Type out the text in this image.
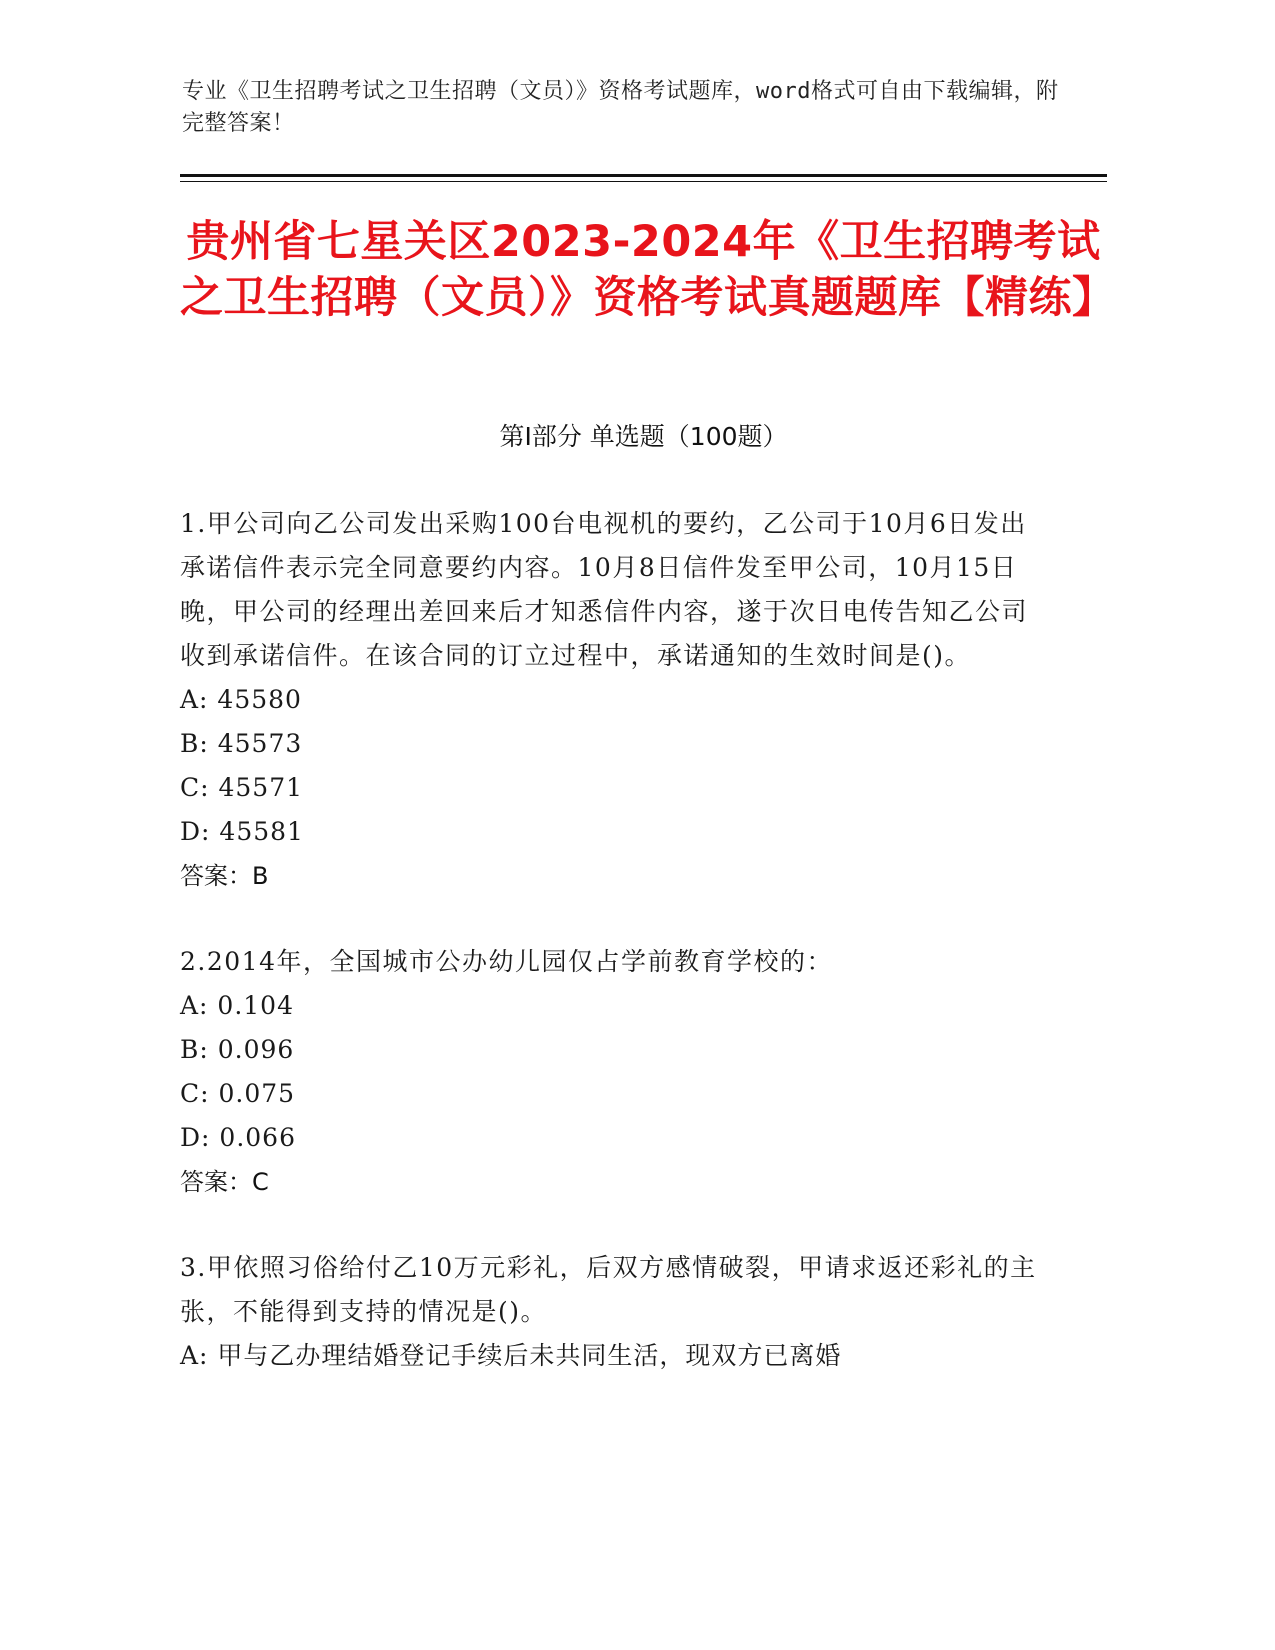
专业《卫生招聘考试之卫生招聘（文员）》资格考试题库，word格式可自由下载编辑，附完整答案！
贵州省七星关区2023-2024年《卫生招聘考试之卫生招聘（文员）》资格考试真题题库【精练】
第Ⅰ部分 单选题（100题）
1.甲公司向乙公司发出采购100台电视机的要约，乙公司于10月6日发出承诺信件表示完全同意要约内容。10月8日信件发至甲公司，10月15日晚，甲公司的经理出差回来后才知悉信件内容，遂于次日电传告知乙公司收到承诺信件。在该合同的订立过程中，承诺通知的生效时间是()。
A: 45580
B: 45573
C: 45571
D: 45581
答案：B
2.2014年，全国城市公办幼儿园仅占学前教育学校的：
A: 0.104
B: 0.096
C: 0.075
D: 0.066
答案：C
3.甲依照习俗给付乙10万元彩礼，后双方感情破裂，甲请求返还彩礼的主张，不能得到支持的情况是()。
A: 甲与乙办理结婚登记手续后未共同生活，现双方已离婚
